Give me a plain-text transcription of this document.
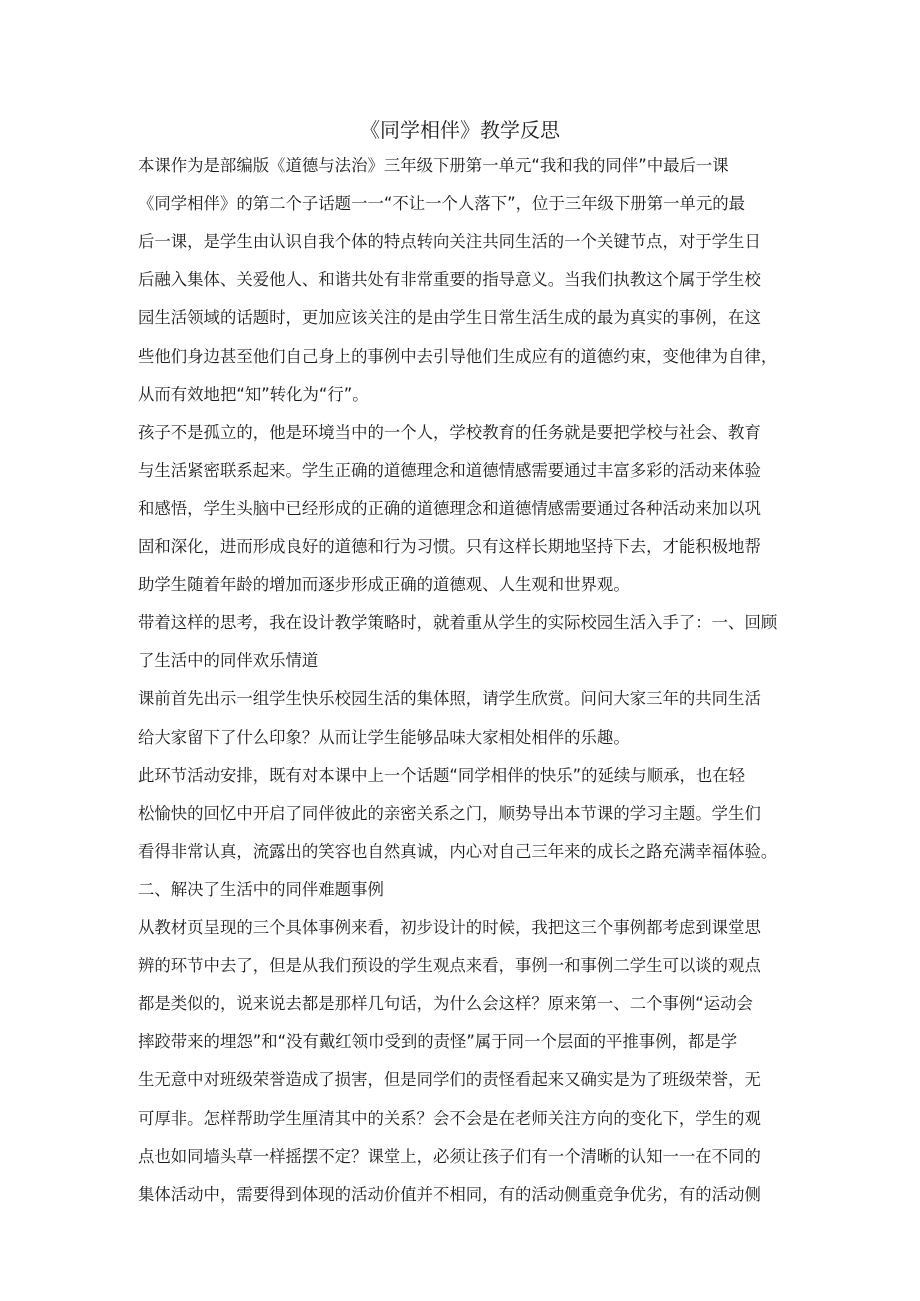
《同学相伴》教学反思
本课作为是部编版《道德与法治》三年级下册第一单元“我和我的同伴”中最后一课
《同学相伴》的第二个子话题一一“不让一个人落下”，位于三年级下册第一单元的最
后一课，是学生由认识自我个体的特点转向关注共同生活的一个关键节点，对于学生日
后融入集体、关爱他人、和谐共处有非常重要的指导意义。当我们执教这个属于学生校
园生活领域的话题时，更加应该关注的是由学生日常生活生成的最为真实的事例，在这
些他们身边甚至他们自己身上的事例中去引导他们生成应有的道德约束，变他律为自律，
从而有效地把“知”转化为“行”。
孩子不是孤立的，他是环境当中的一个人，学校教育的任务就是要把学校与社会、教育
与生活紧密联系起来。学生正确的道德理念和道德情感需要通过丰富多彩的活动来体验
和感悟，学生头脑中已经形成的正确的道德理念和道德情感需要通过各种活动来加以巩
固和深化，进而形成良好的道德和行为习惯。只有这样长期地坚持下去，才能积极地帮
助学生随着年龄的增加而逐步形成正确的道德观、人生观和世界观。
带着这样的思考，我在设计教学策略时，就着重从学生的实际校园生活入手了：一、回顾
了生活中的同伴欢乐情道
课前首先出示一组学生快乐校园生活的集体照，请学生欣赏。问问大家三年的共同生活
给大家留下了什么印象？从而让学生能够品味大家相处相伴的乐趣。
此环节活动安排，既有对本课中上一个话题“同学相伴的快乐”的延续与顺承，也在轻
松愉快的回忆中开启了同伴彼此的亲密关系之门，顺势导出本节课的学习主题。学生们
看得非常认真，流露出的笑容也自然真诚，内心对自己三年来的成长之路充满幸福体验。
二、解决了生活中的同伴难题事例
从教材页呈现的三个具体事例来看，初步设计的时候，我把这三个事例都考虑到课堂思
辨的环节中去了，但是从我们预设的学生观点来看，事例一和事例二学生可以谈的观点
都是类似的，说来说去都是那样几句话，为什么会这样？原来第一、二个事例“运动会
摔跤带来的埋怨”和“没有戴红领巾受到的责怪”属于同一个层面的平推事例，都是学
生无意中对班级荣誉造成了损害，但是同学们的责怪看起来又确实是为了班级荣誉，无
可厚非。怎样帮助学生厘清其中的关系？会不会是在老师关注方向的变化下，学生的观
点也如同墙头草一样摇摆不定？课堂上，必须让孩子们有一个清晰的认知一一在不同的
集体活动中，需要得到体现的活动价值并不相同，有的活动侧重竞争优劣，有的活动侧
